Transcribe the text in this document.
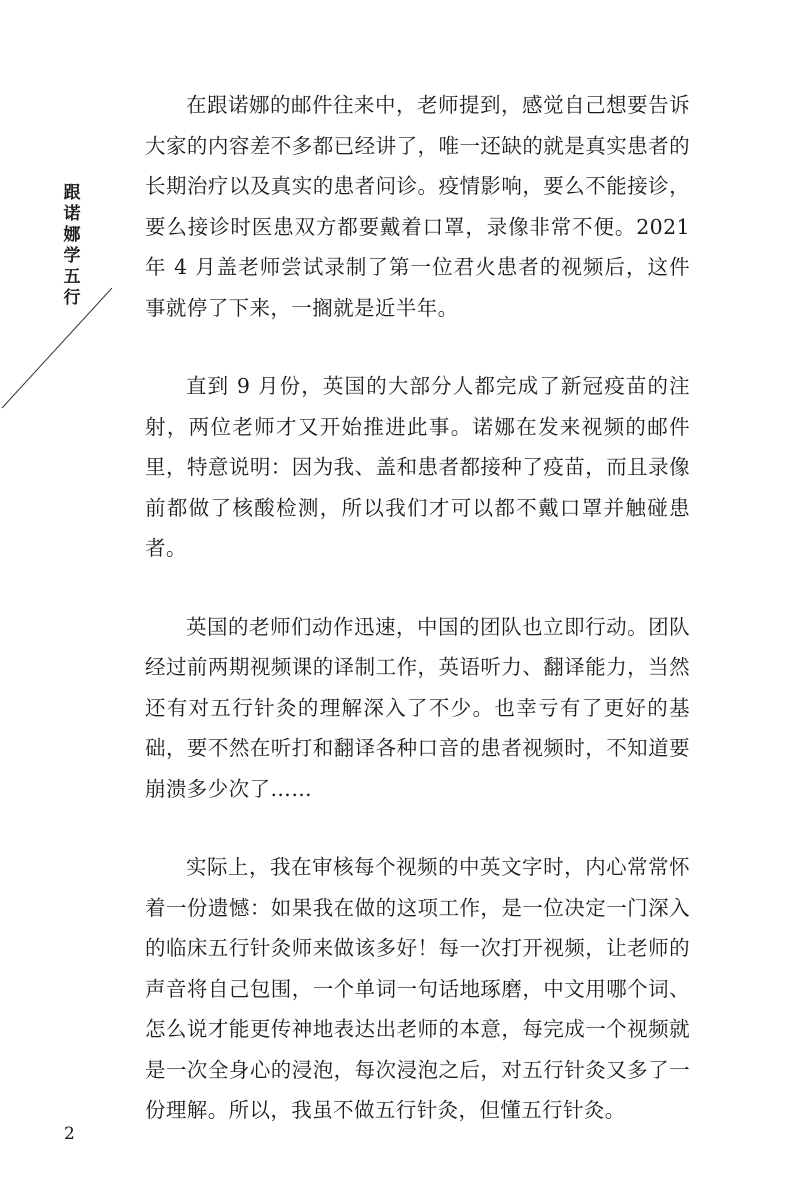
跟诺娜学五行

在跟诺娜的邮件往来中，老师提到，感觉自己想要告诉大家的内容差不多都已经讲了，唯一还缺的就是真实患者的长期治疗以及真实的患者问诊。疫情影响，要么不能接诊，要么接诊时医患双方都要戴着口罩，录像非常不便。2021 年 4 月盖老师尝试录制了第一位君火患者的视频后，这件事就停了下来，一搁就是近半年。

直到 9 月份，英国的大部分人都完成了新冠疫苗的注射，两位老师才又开始推进此事。诺娜在发来视频的邮件里，特意说明：因为我、盖和患者都接种了疫苗，而且录像前都做了核酸检测，所以我们才可以都不戴口罩并触碰患者。

英国的老师们动作迅速，中国的团队也立即行动。团队经过前两期视频课的译制工作，英语听力、翻译能力，当然还有对五行针灸的理解深入了不少。也幸亏有了更好的基础，要不然在听打和翻译各种口音的患者视频时，不知道要崩溃多少次了……

实际上，我在审核每个视频的中英文字时，内心常常怀着一份遗憾：如果我在做的这项工作，是一位决定一门深入的临床五行针灸师来做该多好！每一次打开视频，让老师的声音将自己包围，一个单词一句话地琢磨，中文用哪个词、怎么说才能更传神地表达出老师的本意，每完成一个视频就是一次全身心的浸泡，每次浸泡之后，对五行针灸又多了一份理解。所以，我虽不做五行针灸，但懂五行针灸。

2
